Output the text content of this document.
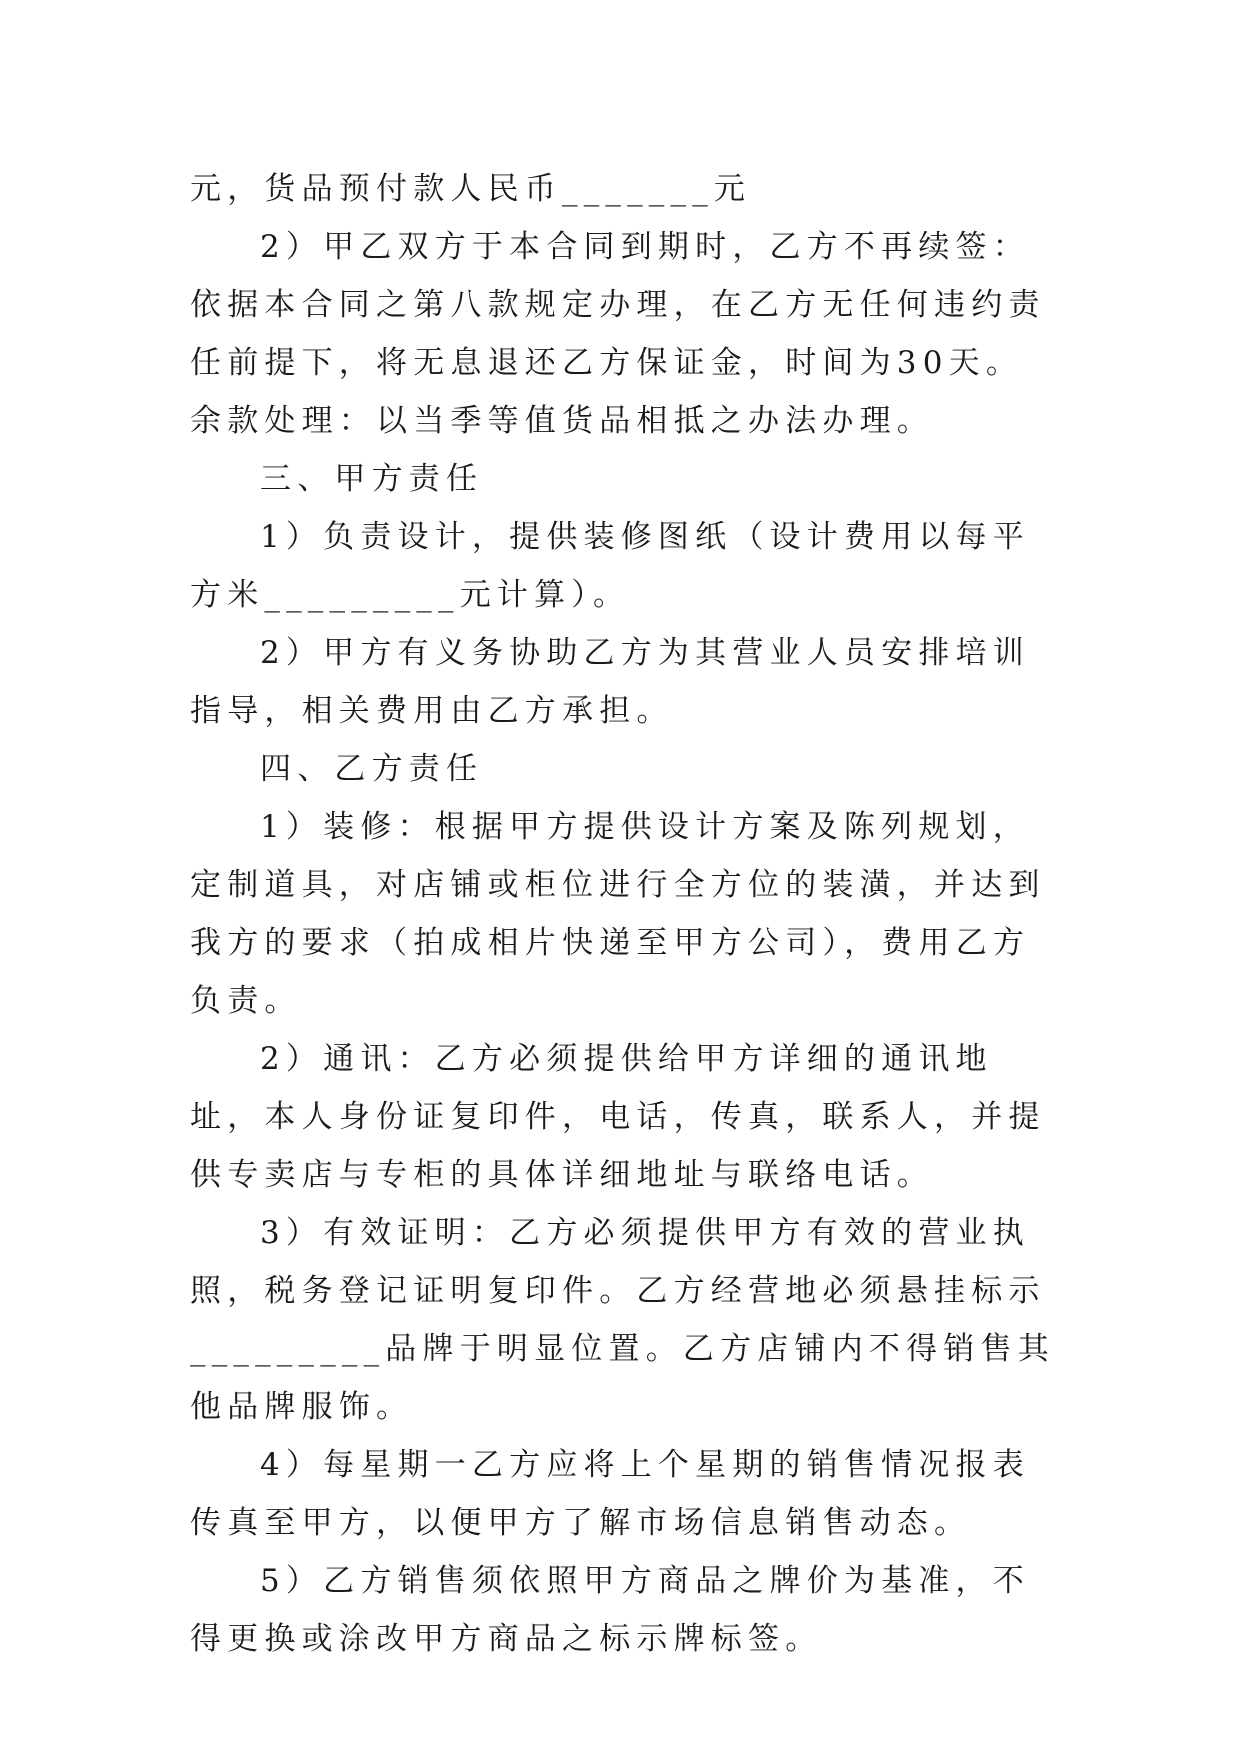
元，货品预付款人民币_______元

2）甲乙双方于本合同到期时，乙方不再续签：依据本合同之第八款规定办理，在乙方无任何违约责任前提下，将无息退还乙方保证金，时间为30天。余款处理：以当季等值货品相抵之办法办理。

三、甲方责任

1）负责设计，提供装修图纸（设计费用以每平方米_________元计算）。

2）甲方有义务协助乙方为其营业人员安排培训指导，相关费用由乙方承担。

四、乙方责任

1）装修：根据甲方提供设计方案及陈列规划，定制道具，对店铺或柜位进行全方位的装潢，并达到我方的要求（拍成相片快递至甲方公司），费用乙方负责。

2）通讯：乙方必须提供给甲方详细的通讯地址，本人身份证复印件，电话，传真，联系人，并提供专卖店与专柜的具体详细地址与联络电话。

3）有效证明：乙方必须提供甲方有效的营业执照，税务登记证明复印件。乙方经营地必须悬挂标示_________品牌于明显位置。乙方店铺内不得销售其他品牌服饰。

4）每星期一乙方应将上个星期的销售情况报表传真至甲方，以便甲方了解市场信息销售动态。

5）乙方销售须依照甲方商品之牌价为基准，不得更换或涂改甲方商品之标示牌标签。
